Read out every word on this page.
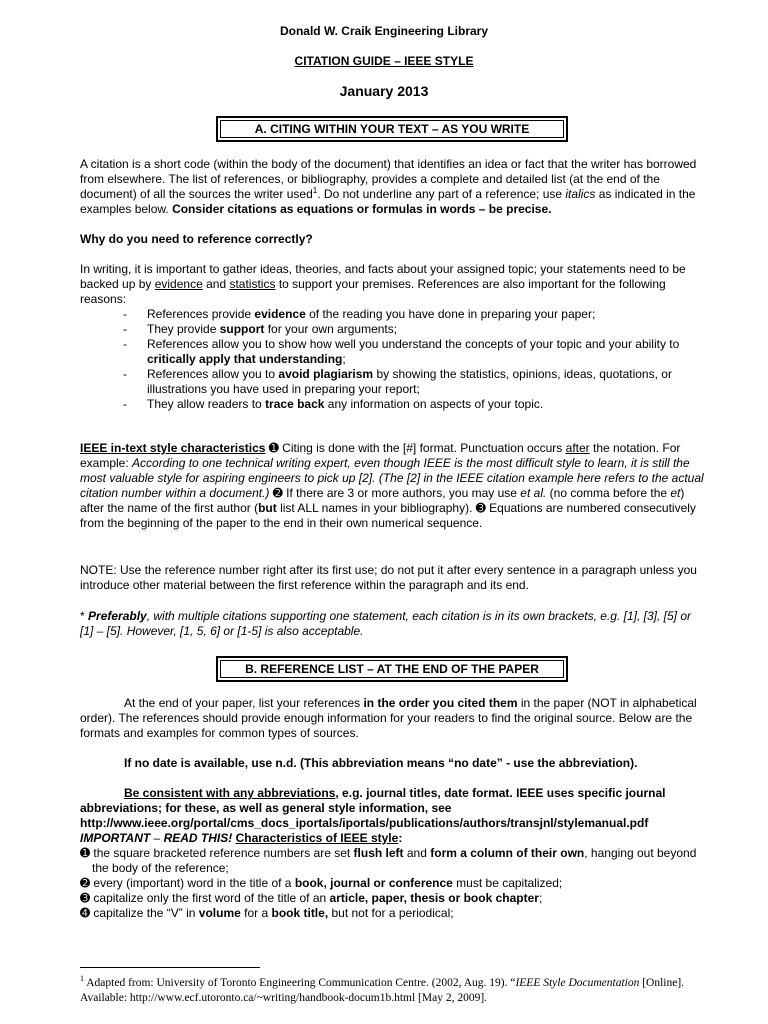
Donald W. Craik Engineering Library
CITATION GUIDE – IEEE STYLE
January 2013
A. CITING WITHIN YOUR TEXT – AS YOU WRITE
A citation is a short code (within the body of the document) that identifies an idea or fact that the writer has borrowed from elsewhere. The list of references, or bibliography, provides a complete and detailed list (at the end of the document) of all the sources the writer used$^1$. Do not underline any part of a reference; use italics as indicated in the examples below. Consider citations as equations or formulas in words – be precise.
Why do you need to reference correctly?
In writing, it is important to gather ideas, theories, and facts about your assigned topic; your statements need to be backed up by evidence and statistics to support your premises. References are also important for the following reasons:
- References provide evidence of the reading you have done in preparing your paper;
- They provide support for your own arguments;
- References allow you to show how well you understand the concepts of your topic and your ability to critically apply that understanding;
- References allow you to avoid plagiarism by showing the statistics, opinions, ideas, quotations, or illustrations you have used in preparing your report;
- They allow readers to trace back any information on aspects of your topic.
IEEE in-text style characteristics ➊ Citing is done with the [#] format. Punctuation occurs after the notation. For example: According to one technical writing expert, even though IEEE is the most difficult style to learn, it is still the most valuable style for aspiring engineers to pick up [2]. (The [2] in the IEEE citation example here refers to the actual citation number within a document.) ➋ If there are 3 or more authors, you may use et al. (no comma before the et) after the name of the first author (but list ALL names in your bibliography). ➌ Equations are numbered consecutively from the beginning of the paper to the end in their own numerical sequence.
NOTE: Use the reference number right after its first use; do not put it after every sentence in a paragraph unless you introduce other material between the first reference within the paragraph and its end.
* Preferably, with multiple citations supporting one statement, each citation is in its own brackets, e.g. [1], [3], [5] or [1] – [5]. However, [1, 5, 6] or [1-5] is also acceptable.
B. REFERENCE LIST – AT THE END OF THE PAPER
At the end of your paper, list your references in the order you cited them in the paper (NOT in alphabetical order). The references should provide enough information for your readers to find the original source. Below are the formats and examples for common types of sources.
If no date is available, use n.d. (This abbreviation means “no date” - use the abbreviation).
Be consistent with any abbreviations, e.g. journal titles, date format. IEEE uses specific journal abbreviations; for these, as well as general style information, see http://www.ieee.org/portal/cms_docs_iportals/iportals/publications/authors/transjnl/stylemanual.pdf
IMPORTANT – READ THIS! Characteristics of IEEE style:
➊ the square bracketed reference numbers are set flush left and form a column of their own, hanging out beyond the body of the reference;
➋ every (important) word in the title of a book, journal or conference must be capitalized;
➌ capitalize only the first word of the title of an article, paper, thesis or book chapter;
➍ capitalize the “V” in volume for a book title, but not for a periodical;
$^1$ Adapted from: University of Toronto Engineering Communication Centre. (2002, Aug. 19). “IEEE Style Documentation [Online]. Available: http://www.ecf.utoronto.ca/~writing/handbook-docum1b.html [May 2, 2009].
